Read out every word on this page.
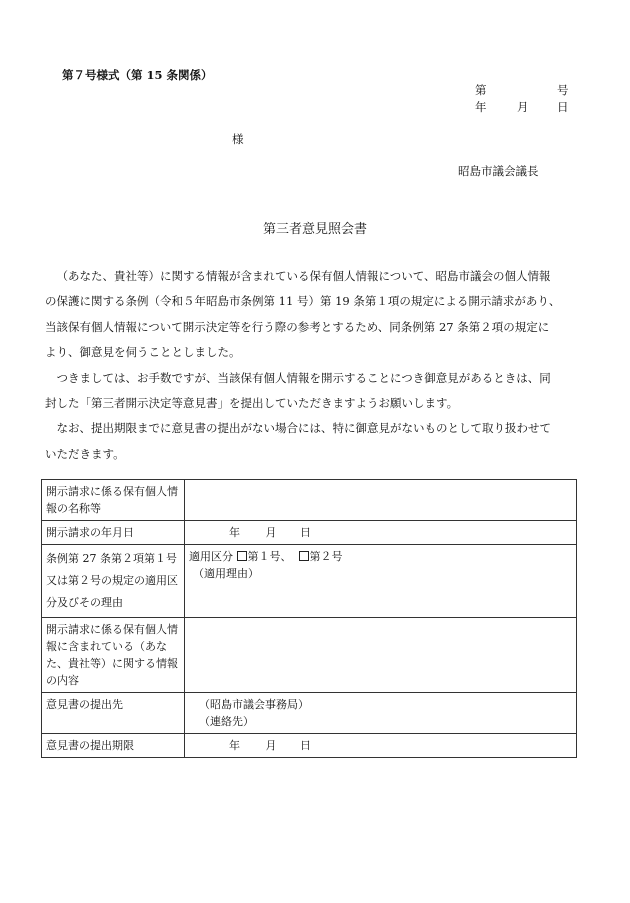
第７号様式（第 15 条関係）
第	号
年	月 日
様
昭島市議会議長
第三者意見照会書
（あなた、貴社等）に関する情報が含まれている保有個人情報について、昭島市議会の個人情報
の保護に関する条例（令和５年昭島市条例第 11 号）第 19 条第１項の規定による開示請求があり、
当該保有個人情報について開示決定等を行う際の参考とするため、同条例第 27 条第２項の規定に
より、御意見を伺うこととしました。
つきましては、お手数ですが、当該保有個人情報を開示することにつき御意見があるときは、同
封した「第三者開示決定等意見書」を提出していただきますようお願いします。
なお、提出期限までに意見書の提出がない場合には、特に御意見がないものとして取り扱わせて
いただきます。
開示請求に係る保有個人情報の名称等	
開示請求の年月日	年 月 日
条例第 27 条第２項第１号又は第２号の規定の適用区分及びその理由	適用区分 第１号、 第２号
（適用理由）

開示請求に係る保有個人情報に含まれている（あなた、貴社等）に関する情報の内容	
意見書の提出先	（昭島市議会事務局）
（連絡先）

意見書の提出期限	年 月 日
